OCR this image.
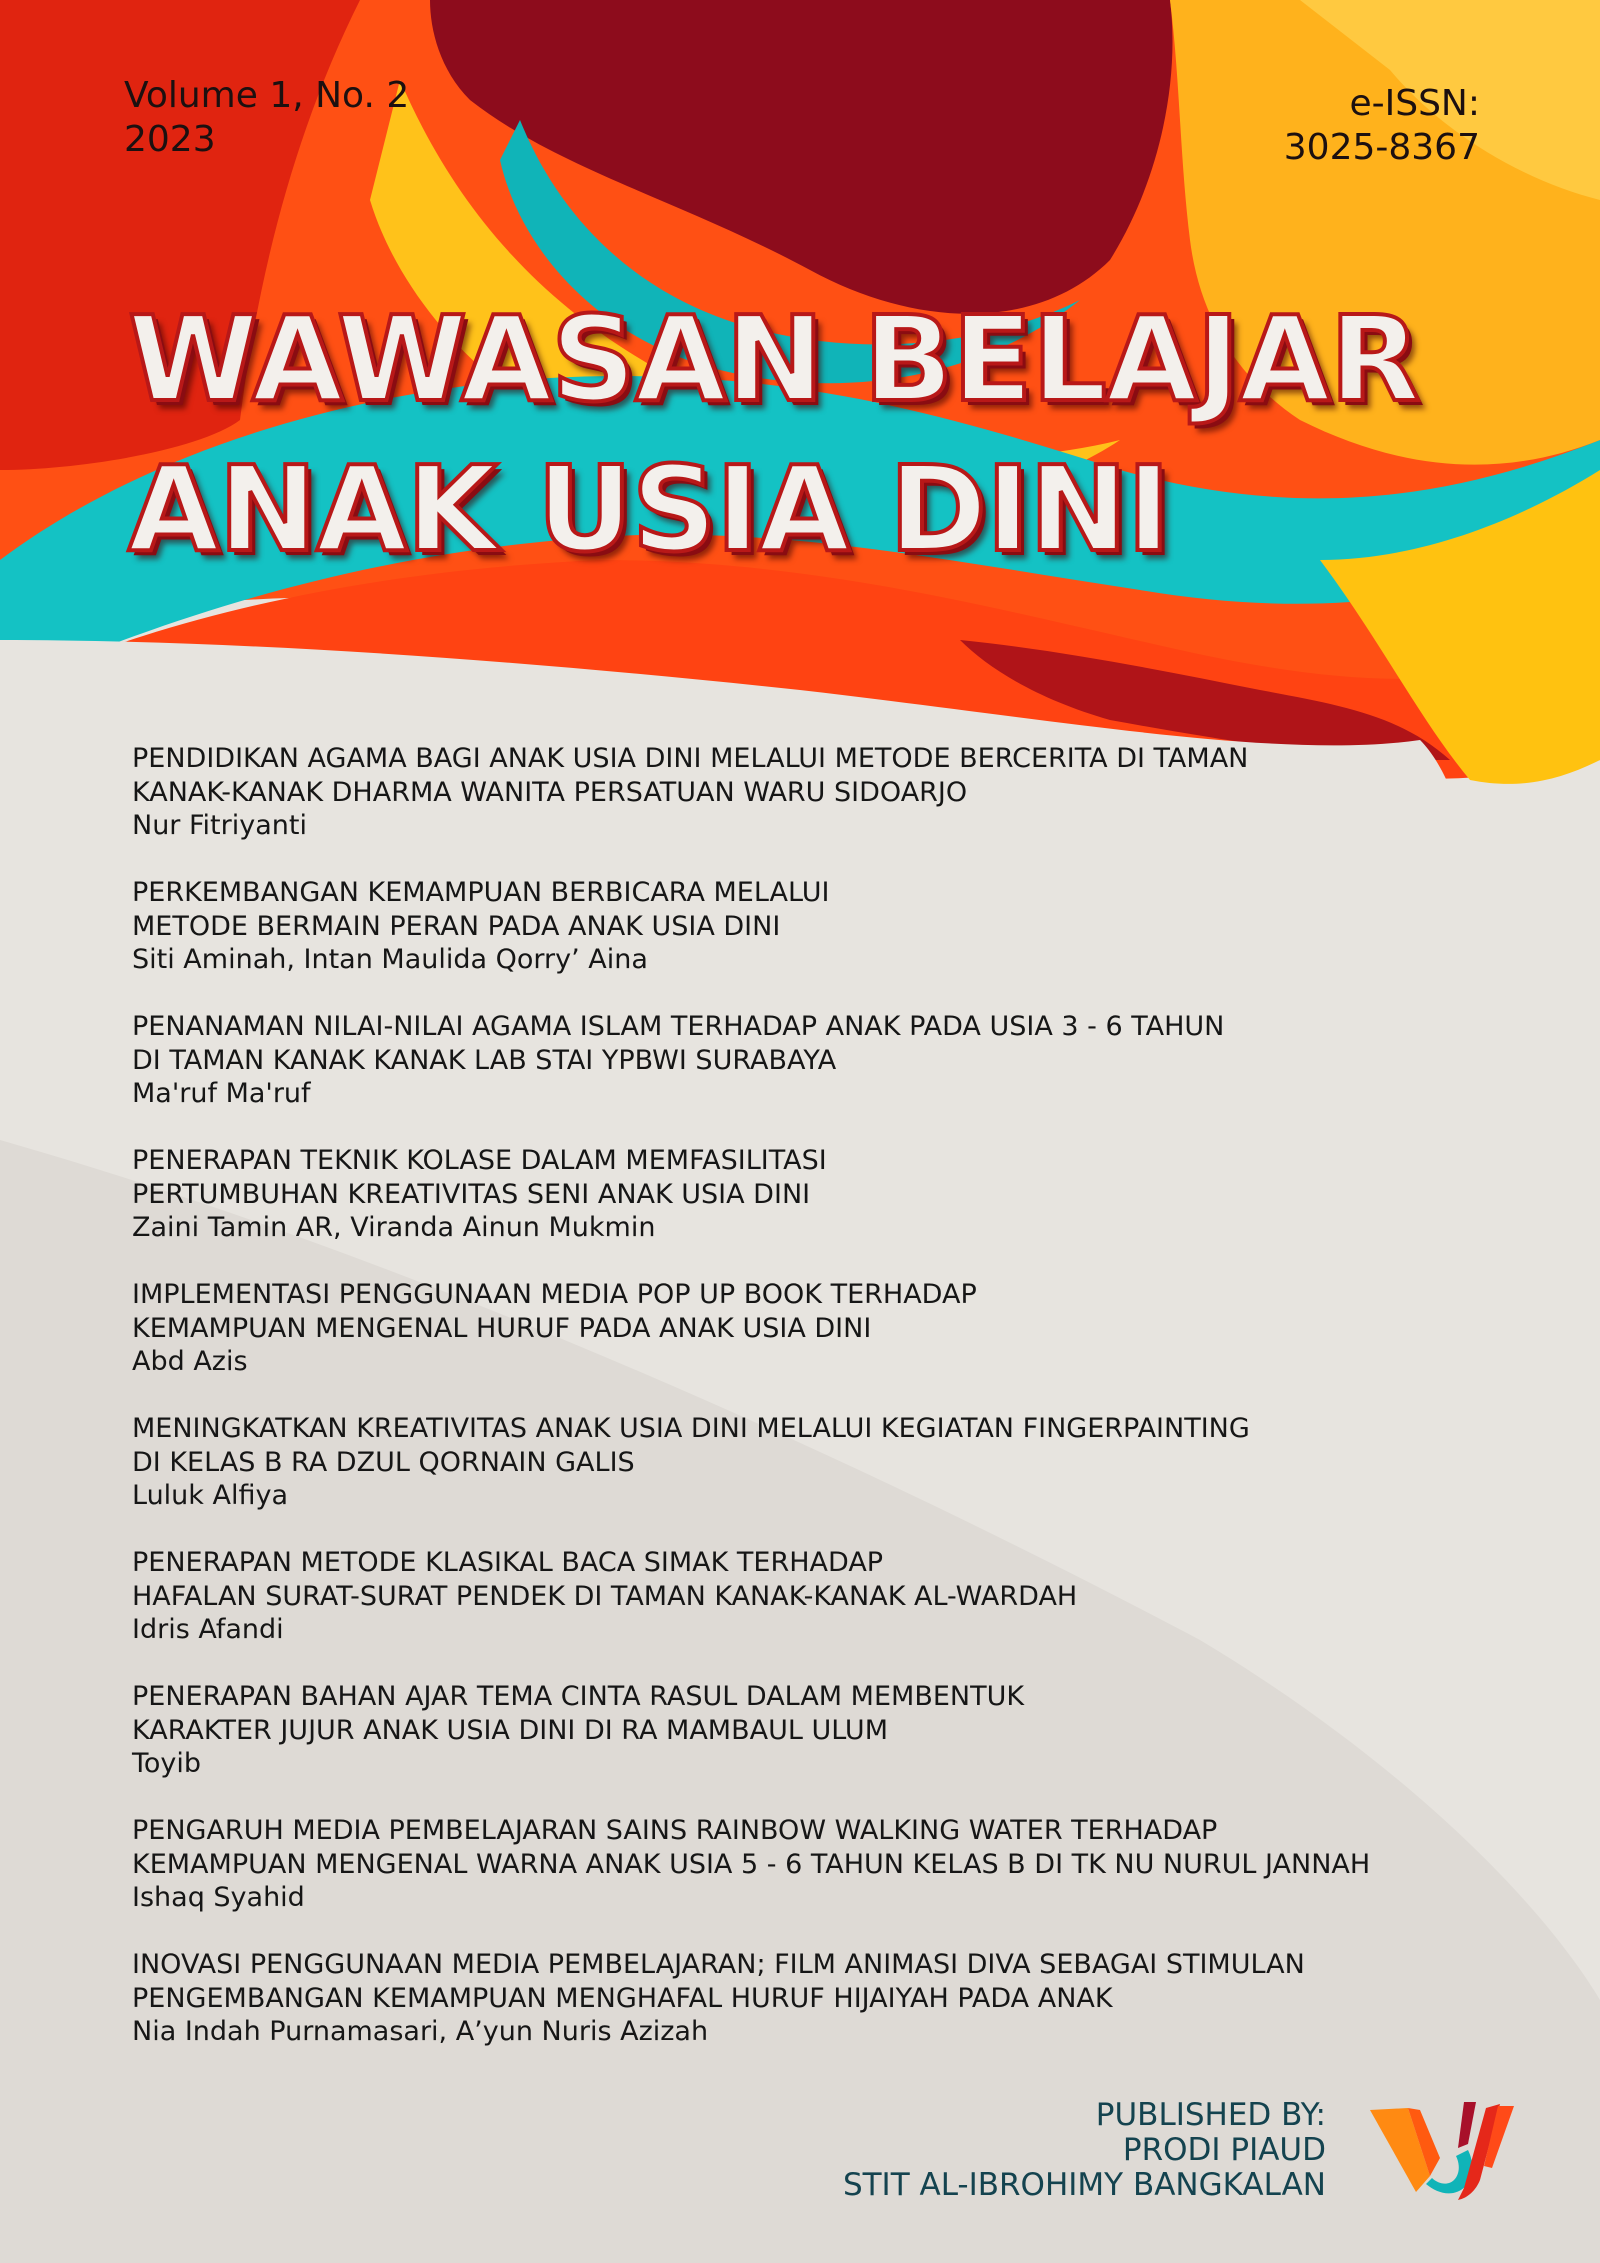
Volume 1, No. 2
2023
e-ISSN:
3025-8367
WAWASAN BELAJAR
ANAK USIA DINI
PENDIDIKAN AGAMA BAGI ANAK USIA DINI MELALUI METODE BERCERITA DI TAMAN
KANAK-KANAK DHARMA WANITA PERSATUAN WARU SIDOARJO
Nur Fitriyanti
PERKEMBANGAN KEMAMPUAN BERBICARA MELALUI
METODE BERMAIN PERAN PADA ANAK USIA DINI
Siti Aminah, Intan Maulida Qorry’ Aina
PENANAMAN NILAI-NILAI AGAMA ISLAM TERHADAP ANAK PADA USIA 3 - 6 TAHUN
DI TAMAN KANAK KANAK LAB STAI YPBWI SURABAYA
Ma'ruf Ma'ruf
PENERAPAN TEKNIK KOLASE DALAM MEMFASILITASI
PERTUMBUHAN KREATIVITAS SENI ANAK USIA DINI
Zaini Tamin AR, Viranda Ainun Mukmin
IMPLEMENTASI PENGGUNAAN MEDIA POP UP BOOK TERHADAP
KEMAMPUAN MENGENAL HURUF PADA ANAK USIA DINI
Abd Azis
MENINGKATKAN KREATIVITAS ANAK USIA DINI MELALUI KEGIATAN FINGERPAINTING
DI KELAS B RA DZUL QORNAIN GALIS
Luluk Alfiya
PENERAPAN METODE KLASIKAL BACA SIMAK TERHADAP
HAFALAN SURAT-SURAT PENDEK DI TAMAN KANAK-KANAK AL-WARDAH
Idris Afandi
PENERAPAN BAHAN AJAR TEMA CINTA RASUL DALAM MEMBENTUK
KARAKTER JUJUR ANAK USIA DINI DI RA MAMBAUL ULUM
Toyib
PENGARUH MEDIA PEMBELAJARAN SAINS RAINBOW WALKING WATER TERHADAP
KEMAMPUAN MENGENAL WARNA ANAK USIA 5 - 6 TAHUN KELAS B DI TK NU NURUL JANNAH
Ishaq Syahid
INOVASI PENGGUNAAN MEDIA PEMBELAJARAN; FILM ANIMASI DIVA SEBAGAI STIMULAN
PENGEMBANGAN KEMAMPUAN MENGHAFAL HURUF HIJAIYAH PADA ANAK
Nia Indah Purnamasari, A’yun Nuris Azizah
PUBLISHED BY:
PRODI PIAUD
STIT AL-IBROHIMY BANGKALAN
